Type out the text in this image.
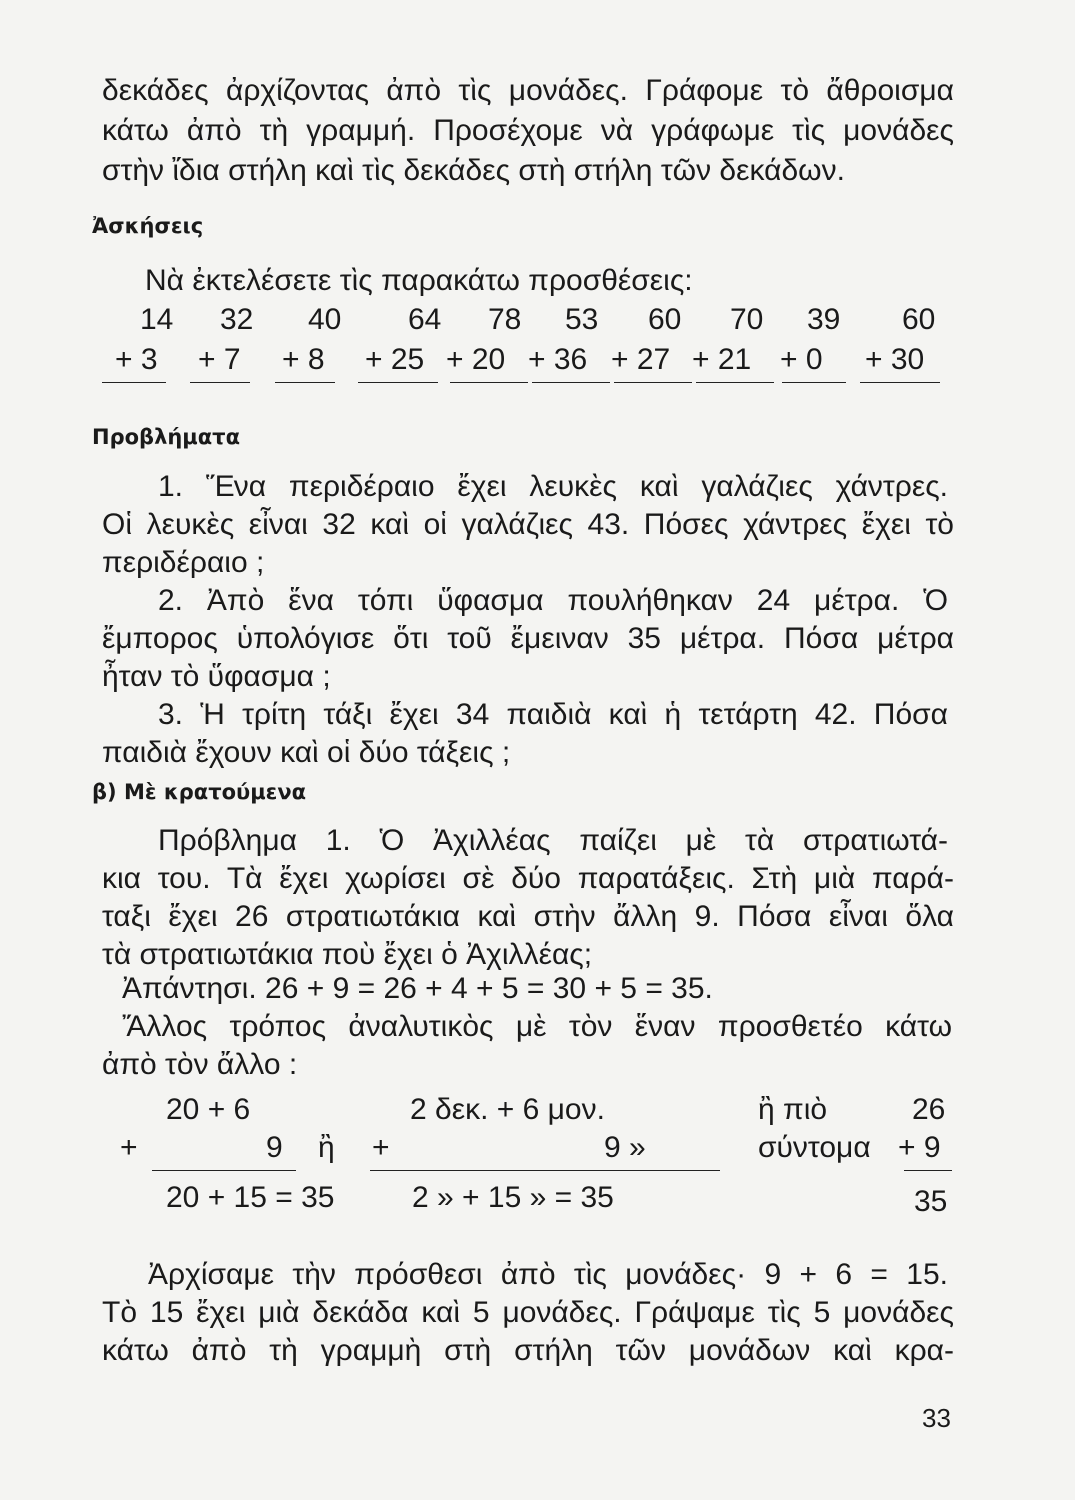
δεκάδες ἀρχίζοντας ἀπὸ τὶς μονάδες. Γράφομε τὸ ἄθροισμα
κάτω ἀπὸ τὴ γραμμή. Προσέχομε νὰ γράφωμε τὶς μονάδες
στὴν ἴδια στήλη καὶ τὶς δεκάδες στὴ στήλη τῶν δεκάδων.
Ἀσκήσεις
Νὰ ἐκτελέσετε τὶς παρακάτω προσθέσεις:
14 32 40 64 78 53 60 70 39 60
+ 3 + 7 + 8 + 25 + 20 + 36 + 27 + 21 + 0 + 30
Προβλήματα
1. Ἕνα περιδέραιο ἔχει λευκὲς καὶ γαλάζιες χάντρες.
Οἱ λευκὲς εἶναι 32 καὶ οἱ γαλάζιες 43. Πόσες χάντρες ἔχει τὸ
περιδέραιο ;
2. Ἀπὸ ἕνα τόπι ὕφασμα πουλήθηκαν 24 μέτρα. Ὁ
ἔμπορος ὑπολόγισε ὅτι τοῦ ἔμειναν 35 μέτρα. Πόσα μέτρα
ἦταν τὸ ὕφασμα ;
3. Ἡ τρίτη τάξι ἔχει 34 παιδιὰ καὶ ἡ τετάρτη 42. Πόσα
παιδιὰ ἔχουν καὶ οἱ δύο τάξεις ;
β) Μὲ κρατούμενα
Πρόβλημα 1. Ὁ Ἀχιλλέας παίζει μὲ τὰ στρατιωτά-
κια του. Τὰ ἔχει χωρίσει σὲ δύο παρατάξεις. Στὴ μιὰ παρά-
ταξι ἔχει 26 στρατιωτάκια καὶ στὴν ἄλλη 9. Πόσα εἶναι ὅλα
τὰ στρατιωτάκια ποὺ ἔχει ὁ Ἀχιλλέας;
Ἀπάντησι. 26 + 9 = 26 + 4 + 5 = 30 + 5 = 35.
Ἄλλος τρόπος ἀναλυτικὸς μὲ τὸν ἕναν προσθετέο κάτω
ἀπὸ τὸν ἄλλο :
20 + 6
+	9 ἢ
20 + 15 = 35
2 δεκ. + 6 μον.
+	9 »
2 » + 15 » = 35
ἢ πιὸ	26
σύντομα + 9
35
Ἀρχίσαμε τὴν πρόσθεσι ἀπὸ τὶς μονάδες· 9 + 6 = 15.
Τὸ 15 ἔχει μιὰ δεκάδα καὶ 5 μονάδες. Γράψαμε τὶς 5 μονάδες
κάτω ἀπὸ τὴ γραμμὴ στὴ στήλη τῶν μονάδων καὶ κρα-
33
